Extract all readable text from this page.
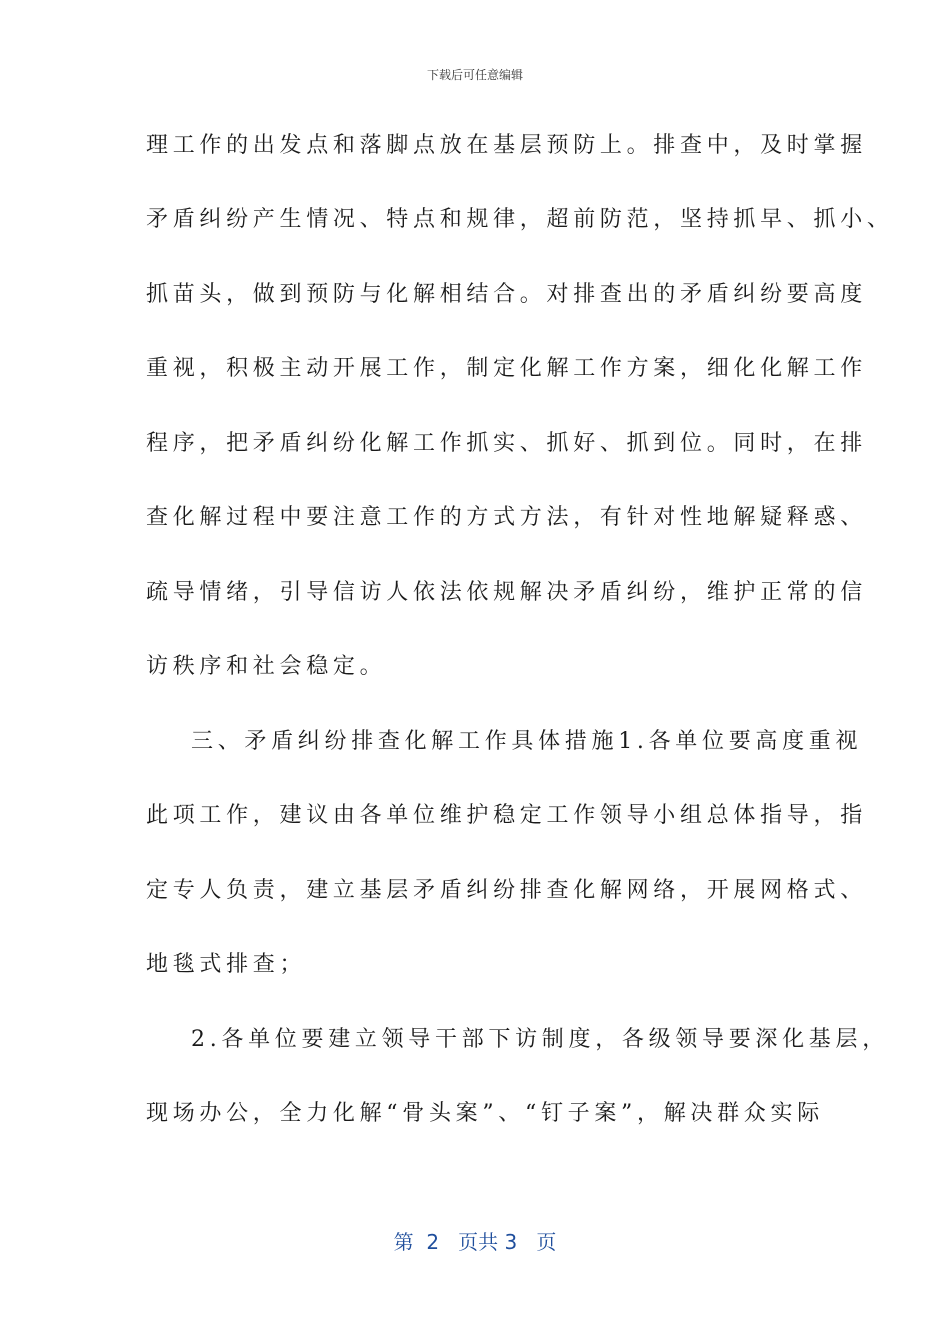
下载后可任意编辑
理工作的出发点和落脚点放在基层预防上。排查中，及时掌握
矛盾纠纷产生情况、特点和规律，超前防范，坚持抓早、抓小、
抓苗头，做到预防与化解相结合。对排查出的矛盾纠纷要高度
重视，积极主动开展工作，制定化解工作方案，细化化解工作
程序，把矛盾纠纷化解工作抓实、抓好、抓到位。同时，在排
查化解过程中要注意工作的方式方法，有针对性地解疑释惑、
疏导情绪，引导信访人依法依规解决矛盾纠纷，维护正常的信
访秩序和社会稳定。
三、矛盾纠纷排查化解工作具体措施1.各单位要高度重视
此项工作，建议由各单位维护稳定工作领导小组总体指导，指
定专人负责，建立基层矛盾纠纷排查化解网络，开展网格式、
地毯式排查；
2.各单位要建立领导干部下访制度，各级领导要深化基层，
现场办公，全力化解“骨头案”、“钉子案”，解决群众实际
第 2 页共 3 页
